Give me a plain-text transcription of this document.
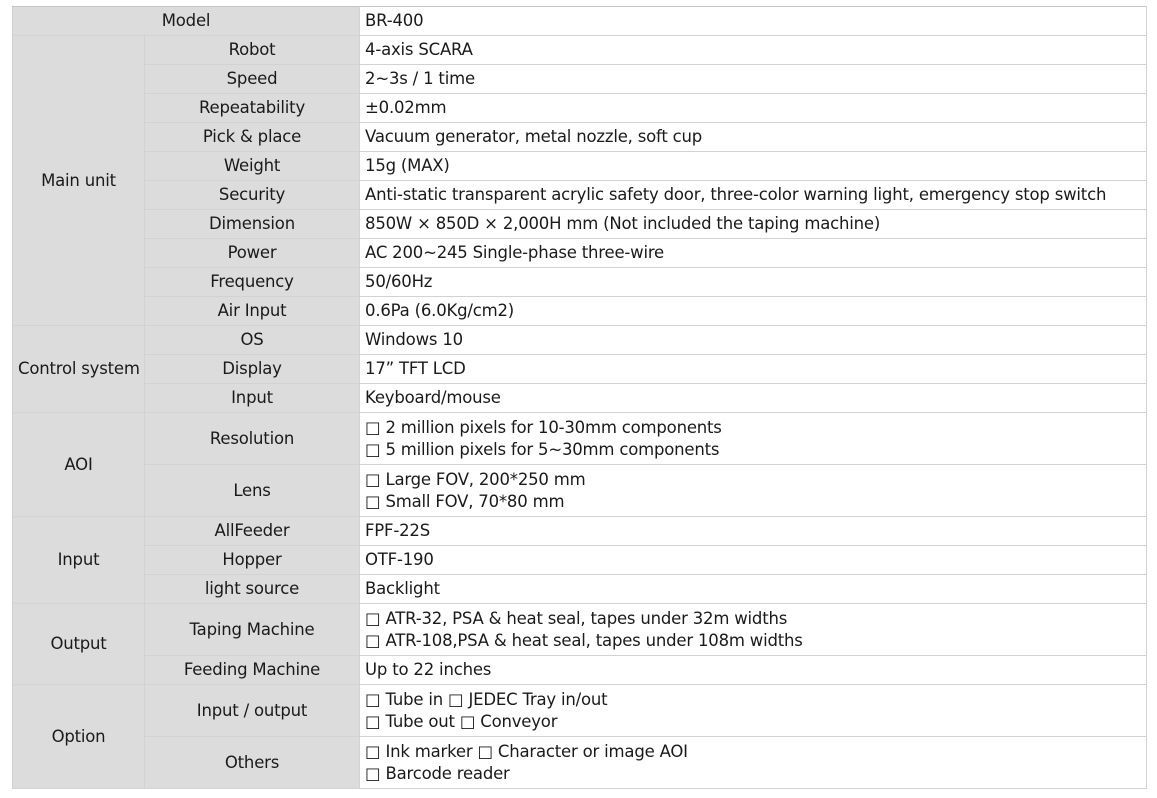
Model		BR-400
Main unit	Robot	4-axis SCARA
	Speed	2~3s / 1 time
	Repeatability	±0.02mm
	Pick & place	Vacuum generator, metal nozzle, soft cup
	Weight	15g (MAX)
	Security	Anti-static transparent acrylic safety door, three-color warning light, emergency stop switch
	Dimension	850W × 850D × 2,000H mm (Not included the taping machine)
	Power	AC 200~245 Single-phase three-wire
	Frequency	50/60Hz
	Air Input	0.6Pa (6.0Kg/cm2)
Control system	OS	Windows 10
	Display	17” TFT LCD
	Input	Keyboard/mouse
AOI	Resolution	□ 2 million pixels for 10-30mm components
□ 5 million pixels for 5~30mm components

	Lens	□ Large FOV, 200*250 mm
□ Small FOV, 70*80 mm

Input	AllFeeder	FPF-22S
	Hopper	OTF-190
	light source	Backlight
Output	Taping Machine	□ ATR-32, PSA & heat seal, tapes under 32m widths
□ ATR-108,PSA & heat seal, tapes under 108m widths

	Feeding Machine	Up to 22 inches
Option	Input / output	□ Tube in □ JEDEC Tray in/out
□ Tube out □ Conveyor

	Others	□ Ink marker □ Character or image AOI
□ Barcode reader
